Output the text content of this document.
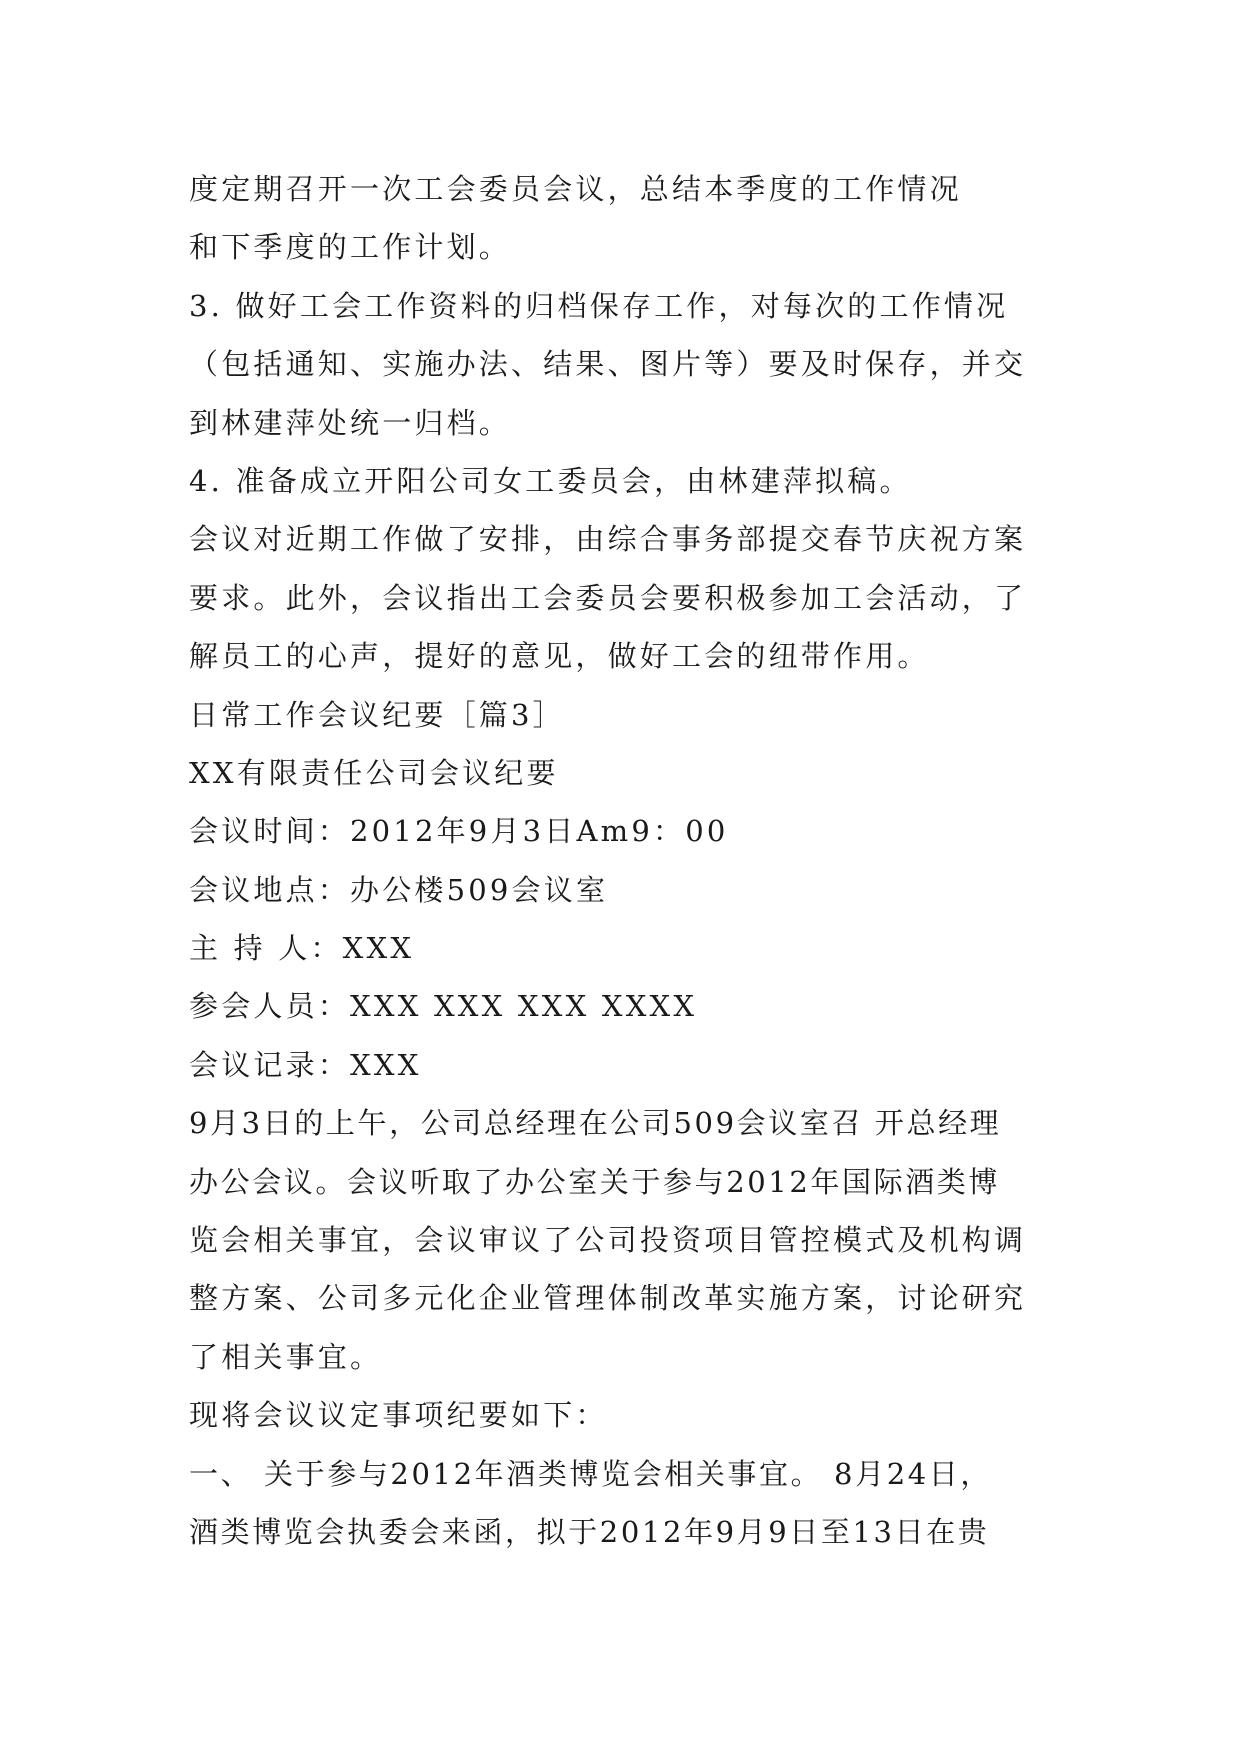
度定期召开一次工会委员会议，总结本季度的工作情况
和下季度的工作计划。
3. 做好工会工作资料的归档保存工作，对每次的工作情况
（包括通知、实施办法、结果、图片等）要及时保存，并交
到林建萍处统一归档。
4. 准备成立开阳公司女工委员会，由林建萍拟稿。
会议对近期工作做了安排，由综合事务部提交春节庆祝方案
要求。此外，会议指出工会委员会要积极参加工会活动，了
解员工的心声，提好的意见，做好工会的纽带作用。
日常工作会议纪要［篇3］
XX有限责任公司会议纪要
会议时间：2012年9月3日Am9：00
会议地点：办公楼509会议室
主 持 人：XXX
参会人员：XXX XXX XXX XXXX
会议记录：XXX
9月3日的上午，公司总经理在公司509会议室召 开总经理
办公会议。会议听取了办公室关于参与2012年国际酒类博
览会相关事宜，会议审议了公司投资项目管控模式及机构调
整方案、公司多元化企业管理体制改革实施方案，讨论研究
了相关事宜。
现将会议议定事项纪要如下：
一、 关于参与2012年酒类博览会相关事宜。 8月24日，
酒类博览会执委会来函，拟于2012年9月9日至13日在贵
